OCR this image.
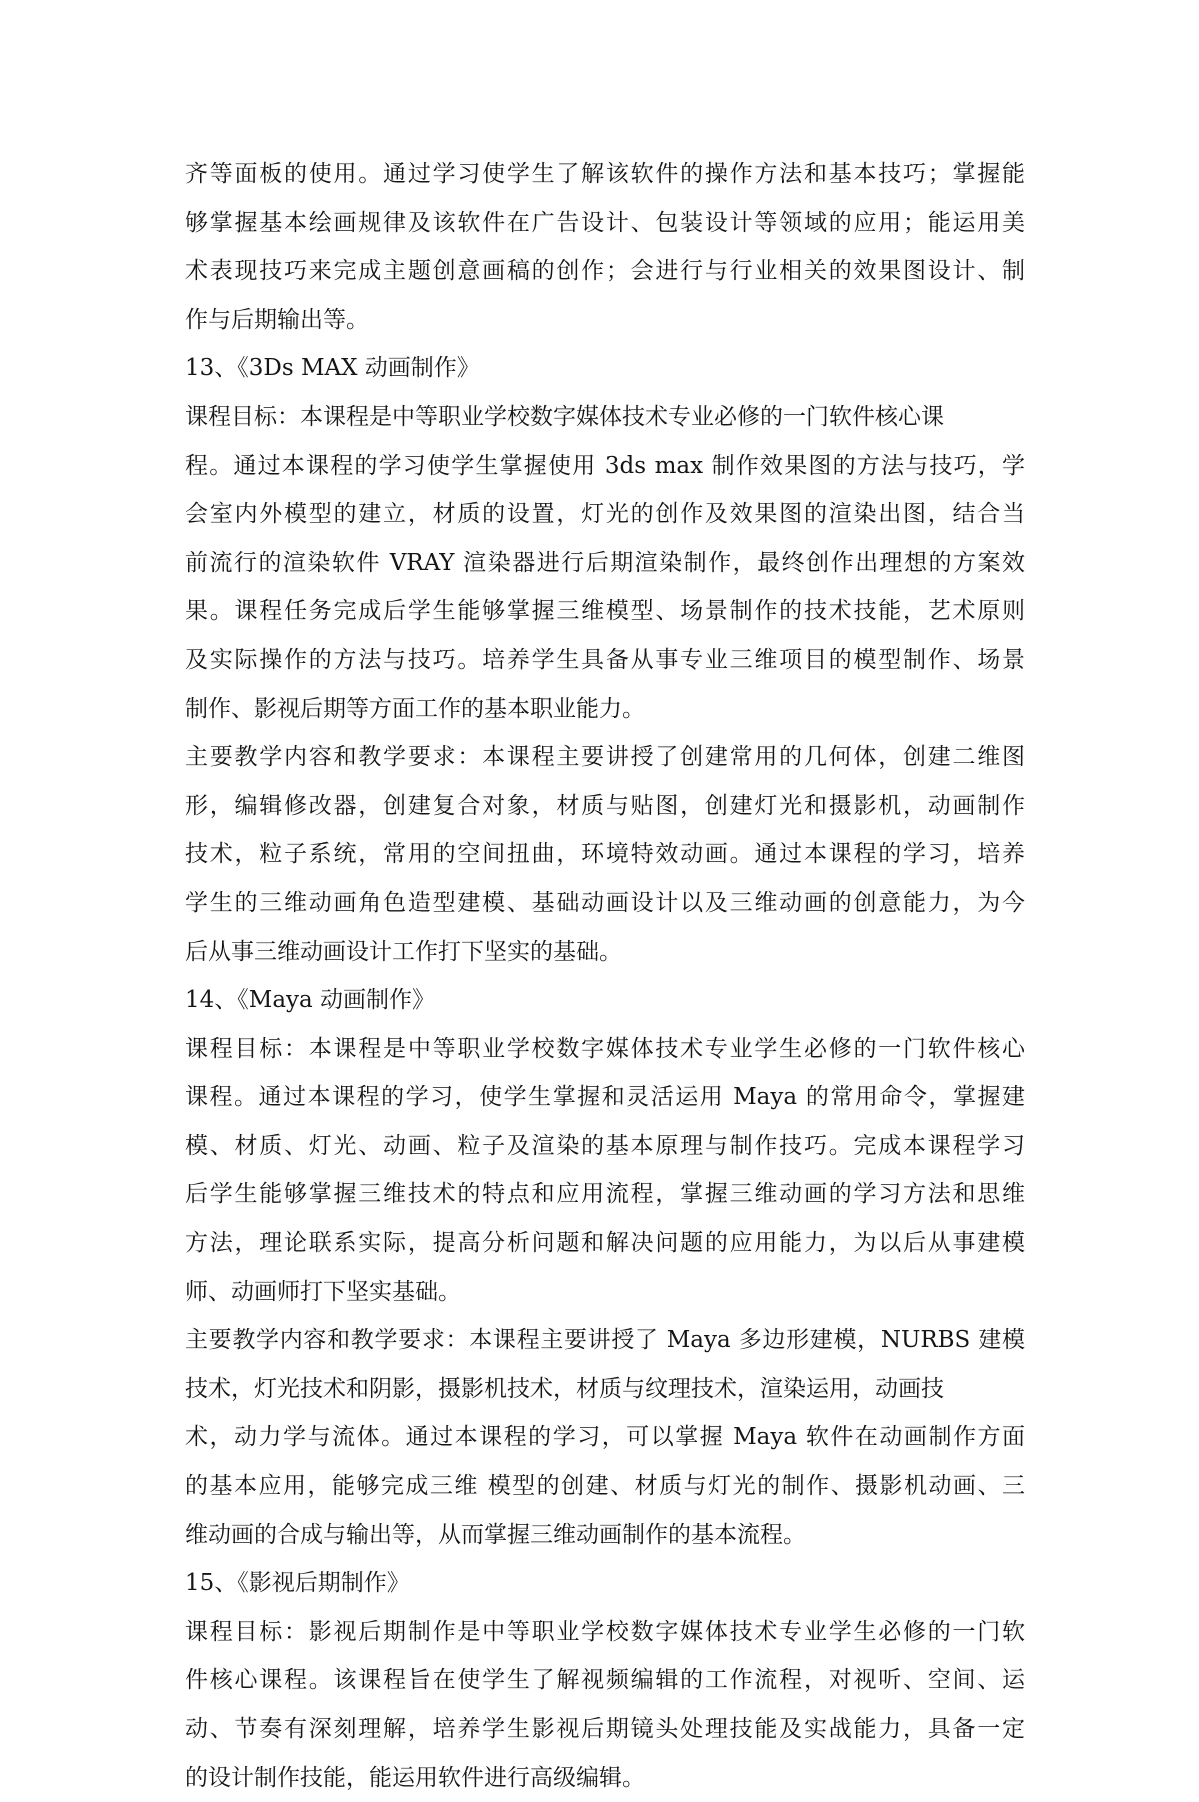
齐等面板的使用。通过学习使学生了解该软件的操作方法和基本技巧；掌握能
够掌握基本绘画规律及该软件在广告设计、包装设计等领域的应用；能运用美
术表现技巧来完成主题创意画稿的创作；会进行与行业相关的效果图设计、制
作与后期输出等。
13、《3Ds MAX 动画制作》
课程目标：本课程是中等职业学校数字媒体技术专业必修的一门软件核心课
程。通过本课程的学习使学生掌握使用 3ds max 制作效果图的方法与技巧，学
会室内外模型的建立，材质的设置，灯光的创作及效果图的渲染出图，结合当
前流行的渲染软件 VRAY 渲染器进行后期渲染制作，最终创作出理想的方案效
果。课程任务完成后学生能够掌握三维模型、场景制作的技术技能，艺术原则
及实际操作的方法与技巧。培养学生具备从事专业三维项目的模型制作、场景
制作、影视后期等方面工作的基本职业能力。
主要教学内容和教学要求：本课程主要讲授了创建常用的几何体，创建二维图
形，编辑修改器，创建复合对象，材质与贴图，创建灯光和摄影机，动画制作
技术，粒子系统，常用的空间扭曲，环境特效动画。通过本课程的学习，培养
学生的三维动画角色造型建模、基础动画设计以及三维动画的创意能力，为今
后从事三维动画设计工作打下坚实的基础。
14、《Maya 动画制作》
课程目标：本课程是中等职业学校数字媒体技术专业学生必修的一门软件核心
课程。通过本课程的学习，使学生掌握和灵活运用 Maya 的常用命令，掌握建
模、材质、灯光、动画、粒子及渲染的基本原理与制作技巧。完成本课程学习
后学生能够掌握三维技术的特点和应用流程，掌握三维动画的学习方法和思维
方法，理论联系实际，提高分析问题和解决问题的应用能力，为以后从事建模
师、动画师打下坚实基础。
主要教学内容和教学要求：本课程主要讲授了 Maya 多边形建模，NURBS 建模
技术，灯光技术和阴影，摄影机技术，材质与纹理技术，渲染运用，动画技
术，动力学与流体。通过本课程的学习，可以掌握 Maya 软件在动画制作方面
的基本应用，能够完成三维 模型的创建、材质与灯光的制作、摄影机动画、三
维动画的合成与输出等，从而掌握三维动画制作的基本流程。
15、《影视后期制作》
课程目标：影视后期制作是中等职业学校数字媒体技术专业学生必修的一门软
件核心课程。该课程旨在使学生了解视频编辑的工作流程，对视听、空间、运
动、节奏有深刻理解，培养学生影视后期镜头处理技能及实战能力，具备一定
的设计制作技能，能运用软件进行高级编辑。
